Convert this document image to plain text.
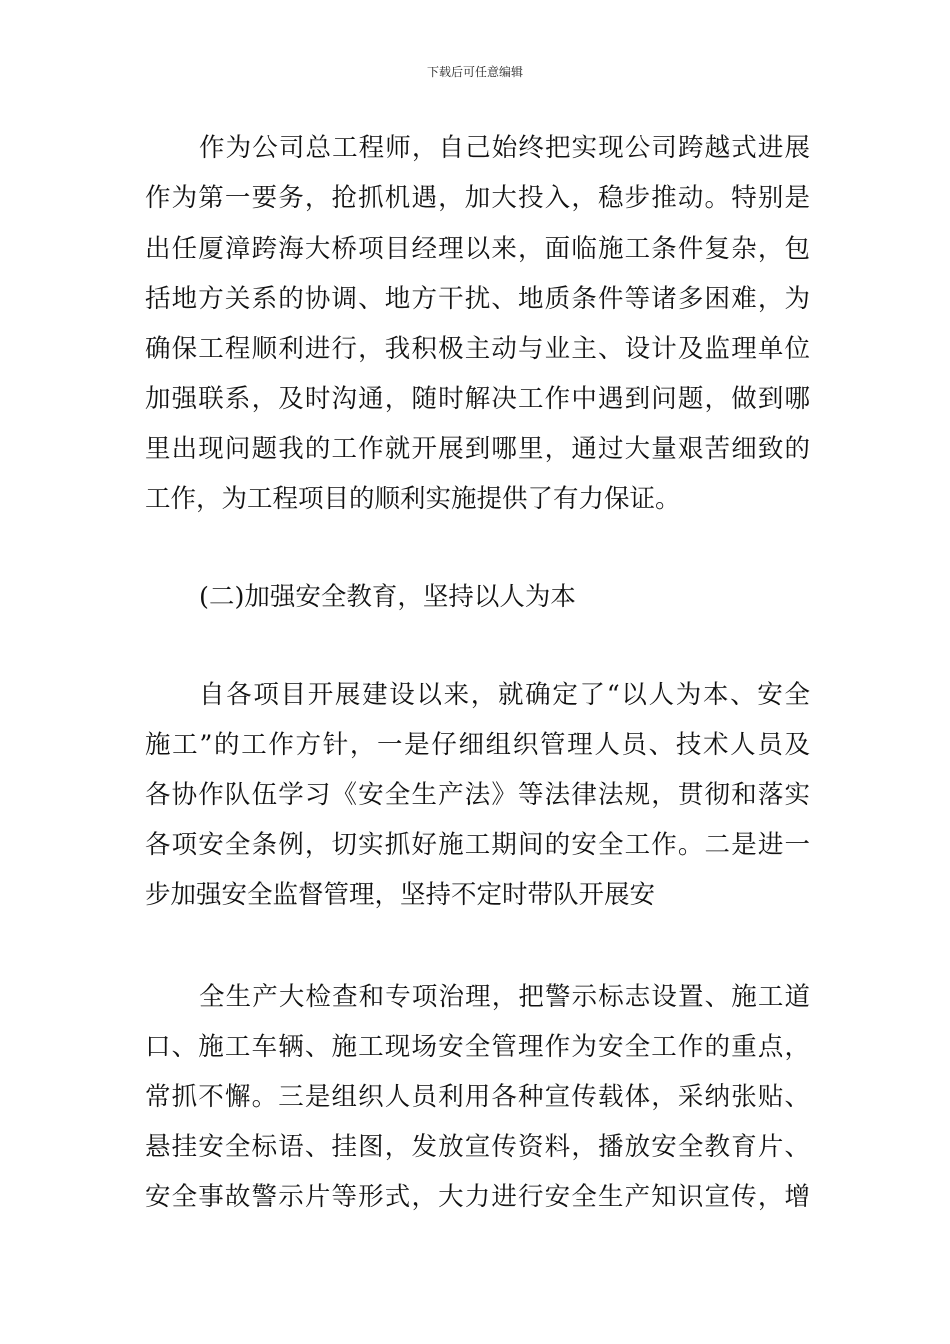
下载后可任意编辑
作为公司总工程师，自己始终把实现公司跨越式进展
作为第一要务，抢抓机遇，加大投入，稳步推动。特别是
出任厦漳跨海大桥项目经理以来，面临施工条件复杂，包
括地方关系的协调、地方干扰、地质条件等诸多困难，为
确保工程顺利进行，我积极主动与业主、设计及监理单位
加强联系，及时沟通，随时解决工作中遇到问题，做到哪
里出现问题我的工作就开展到哪里，通过大量艰苦细致的
工作，为工程项目的顺利实施提供了有力保证。
(二)加强安全教育，坚持以人为本
自各项目开展建设以来，就确定了“以人为本、安全
施工”的工作方针，一是仔细组织管理人员、技术人员及
各协作队伍学习《安全生产法》等法律法规，贯彻和落实
各项安全条例，切实抓好施工期间的安全工作。二是进一
步加强安全监督管理，坚持不定时带队开展安
全生产大检查和专项治理，把警示标志设置、施工道
口、施工车辆、施工现场安全管理作为安全工作的重点，
常抓不懈。三是组织人员利用各种宣传载体，采纳张贴、
悬挂安全标语、挂图，发放宣传资料，播放安全教育片、
安全事故警示片等形式，大力进行安全生产知识宣传，增
